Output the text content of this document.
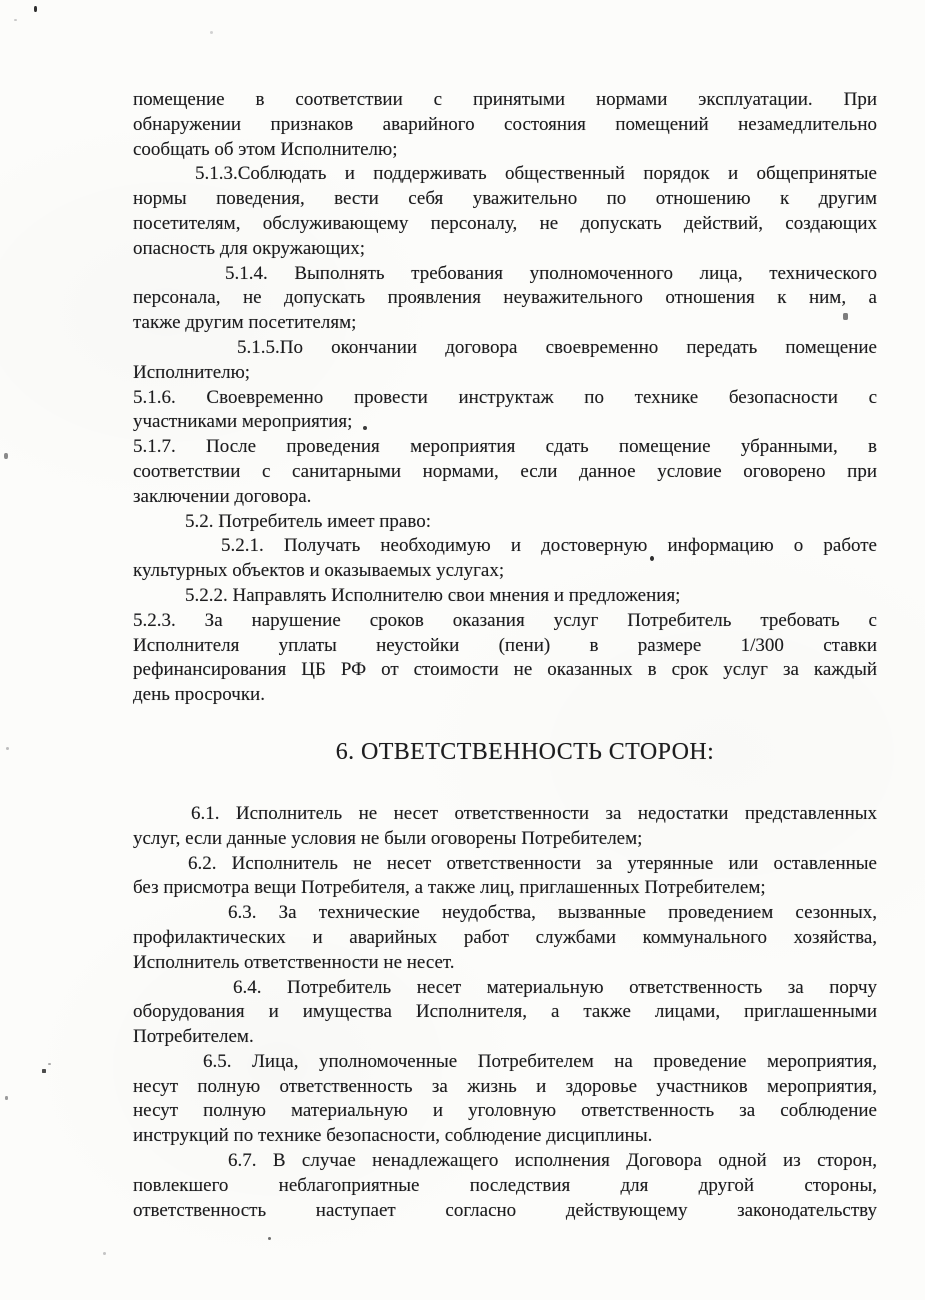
помещение в соответствии с принятыми нормами эксплуатации. При
обнаружении признаков аварийного состояния помещений незамедлительно
сообщать об этом Исполнителю;
5.1.3.Соблюдать и поддерживать общественный порядок и общепринятые
нормы поведения, вести себя уважительно по отношению к другим
посетителям, обслуживающему персоналу, не допускать действий, создающих
опасность для окружающих;
5.1.4. Выполнять требования уполномоченного лица, технического
персонала, не допускать проявления неуважительного отношения к ним, а
также другим посетителям;
5.1.5.По окончании договора своевременно передать помещение
Исполнителю;
5.1.6. Своевременно провести инструктаж по технике безопасности с
участниками мероприятия;
5.1.7. После проведения мероприятия сдать помещение убранными, в
соответствии с санитарными нормами, если данное условие оговорено при
заключении договора.
5.2. Потребитель имеет право:
5.2.1. Получать необходимую и достоверную информацию о работе
культурных объектов и оказываемых услугах;
5.2.2. Направлять Исполнителю свои мнения и предложения;
5.2.3. За нарушение сроков оказания услуг Потребитель требовать с
Исполнителя уплаты неустойки (пени) в размере 1/300 ставки
рефинансирования ЦБ РФ от стоимости не оказанных в срок услуг за каждый
день просрочки.
6. ОТВЕТСТВЕННОСТЬ СТОРОН:
6.1. Исполнитель не несет ответственности за недостатки представленных
услуг, если данные условия не были оговорены Потребителем;
6.2. Исполнитель не несет ответственности за утерянные или оставленные
без присмотра вещи Потребителя, а также лиц, приглашенных Потребителем;
6.3. За технические неудобства, вызванные проведением сезонных,
профилактических и аварийных работ службами коммунального хозяйства,
Исполнитель ответственности не несет.
6.4. Потребитель несет материальную ответственность за порчу
оборудования и имущества Исполнителя, а также лицами, приглашенными
Потребителем.
6.5. Лица, уполномоченные Потребителем на проведение мероприятия,
несут полную ответственность за жизнь и здоровье участников мероприятия,
несут полную материальную и уголовную ответственность за соблюдение
инструкций по технике безопасности, соблюдение дисциплины.
6.7. В случае ненадлежащего исполнения Договора одной из сторон,
повлекшего неблагоприятные последствия для другой стороны,
ответственность наступает согласно действующему законодательству
